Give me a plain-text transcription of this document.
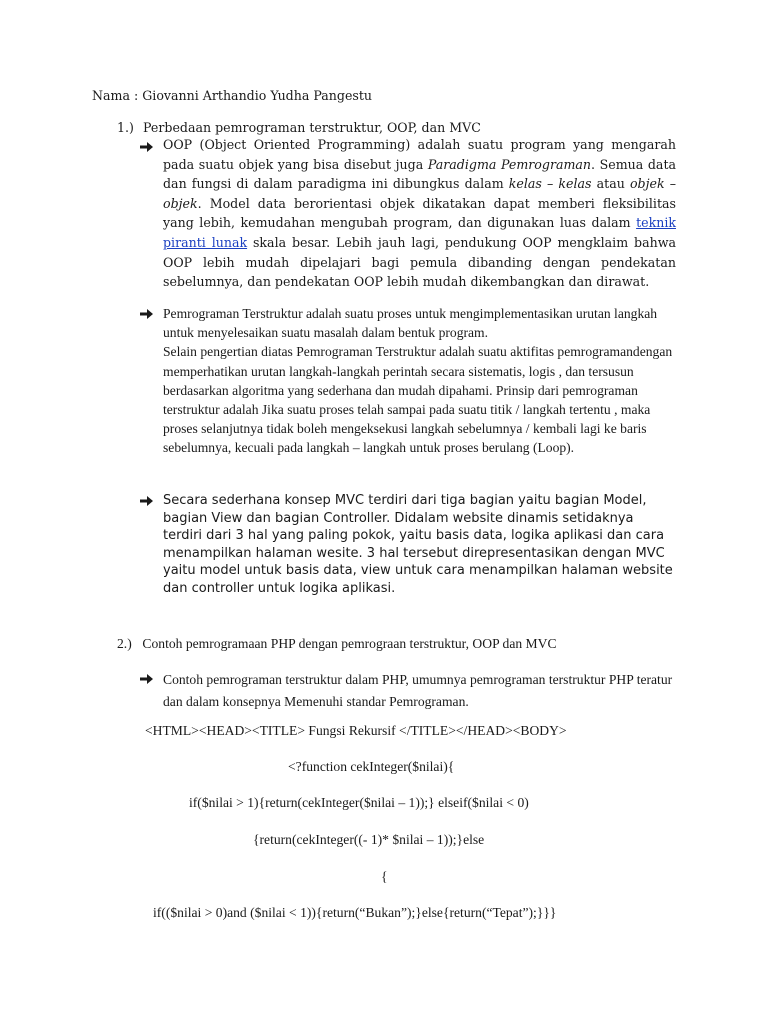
Nama : Giovanni Arthandio Yudha Pangestu
1.) Perbedaan pemrograman terstruktur, OOP, dan MVC
OOP (Object Oriented Programming) adalah suatu program yang mengarah pada suatu objek yang bisa disebut juga Paradigma Pemrograman. Semua data dan fungsi di dalam paradigma ini dibungkus dalam kelas – kelas atau objek – objek. Model data berorientasi objek dikatakan dapat memberi fleksibilitas yang lebih, kemudahan mengubah program, dan digunakan luas dalam teknik piranti lunak skala besar. Lebih jauh lagi, pendukung OOP mengklaim bahwa OOP lebih mudah dipelajari bagi pemula dibanding dengan pendekatan sebelumnya, dan pendekatan OOP lebih mudah dikembangkan dan dirawat.
Pemrograman Terstruktur adalah suatu proses untuk mengimplementasikan urutan langkah untuk menyelesaikan suatu masalah dalam bentuk program.
Selain pengertian diatas Pemrograman Terstruktur adalah suatu aktifitas pemrogramandengan memperhatikan urutan langkah-langkah perintah secara sistematis, logis , dan tersusun berdasarkan algoritma yang sederhana dan mudah dipahami. Prinsip dari pemrograman terstruktur adalah Jika suatu proses telah sampai pada suatu titik / langkah tertentu , maka proses selanjutnya tidak boleh mengeksekusi langkah sebelumnya / kembali lagi ke baris sebelumnya, kecuali pada langkah – langkah untuk proses berulang (Loop).
Secara sederhana konsep MVC terdiri dari tiga bagian yaitu bagian Model, bagian View dan bagian Controller. Didalam website dinamis setidaknya terdiri dari 3 hal yang paling pokok, yaitu basis data, logika aplikasi dan cara menampilkan halaman wesite. 3 hal tersebut direpresentasikan dengan MVC yaitu model untuk basis data, view untuk cara menampilkan halaman website dan controller untuk logika aplikasi.
2.) Contoh pemrogramaan PHP dengan pemrograan terstruktur, OOP dan MVC
Contoh pemrograman terstruktur dalam PHP, umumnya pemrograman terstruktur PHP teratur dan dalam konsepnya Memenuhi standar Pemrograman.
<HTML><HEAD><TITLE> Fungsi Rekursif </TITLE></HEAD><BODY>
<?function cekInteger($nilai){
if($nilai > 1){return(cekInteger($nilai – 1));} elseif($nilai < 0)
{return(cekInteger((- 1)* $nilai – 1));}else
{
if(($nilai > 0)and ($nilai < 1)){return(“Bukan”);}else{return(“Tepat”);}}}
